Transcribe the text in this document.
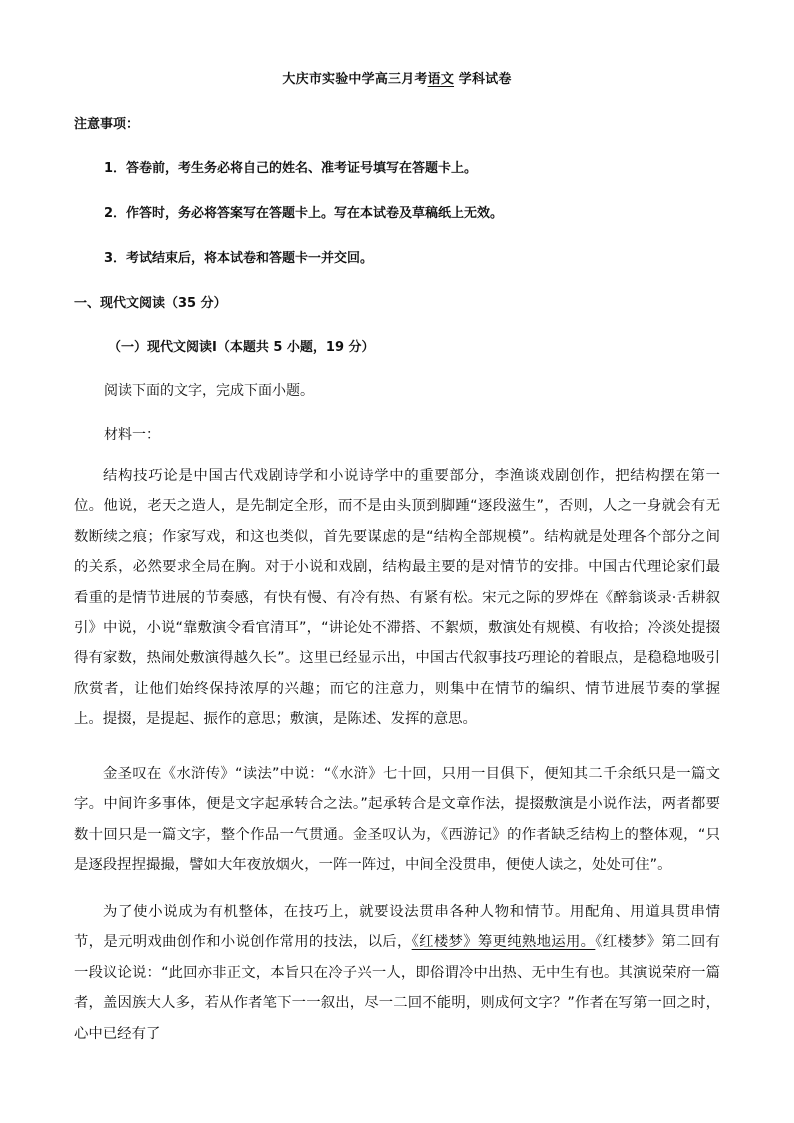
大庆市实验中学高三月考语文 学科试卷
注意事项：
1．答卷前，考生务必将自己的姓名、准考证号填写在答题卡上。
2．作答时，务必将答案写在答题卡上。写在本试卷及草稿纸上无效。
3．考试结束后，将本试卷和答题卡一并交回。
一、现代文阅读（35 分）
（一）现代文阅读Ⅰ（本题共 5 小题，19 分）
阅读下面的文字，完成下面小题。
材料一：

结构技巧论是中国古代戏剧诗学和小说诗学中的重要部分，李渔谈戏剧创作，把结构摆在第一位。他说，老天之造人，是先制定全形，而不是由头顶到脚踵“逐段滋生”，否则，人之一身就会有无数断续之痕；作家写戏，和这也类似，首先要谋虑的是“结构全部规模”。结构就是处理各个部分之间的关系，必然要求全局在胸。对于小说和戏剧，结构最主要的是对情节的安排。中国古代理论家们最看重的是情节进展的节奏感，有快有慢、有冷有热、有紧有松。宋元之际的罗烨在《醉翁谈录·舌耕叙引》中说，小说“靠敷演令看官清耳”，“讲论处不滞搭、不絮烦，敷演处有规模、有收拾；冷淡处提掇得有家数，热闹处敷演得越久长”。这里已经显示出，中国古代叙事技巧理论的着眼点，是稳稳地吸引欣赏者，让他们始终保持浓厚的兴趣；而它的注意力，则集中在情节的编织、情节进展节奏的掌握上。提掇，是提起、振作的意思；敷演，是陈述、发挥的意思。

金圣叹在《水浒传》“读法”中说：“《水浒》七十回，只用一目俱下，便知其二千余纸只是一篇文字。中间许多事体，便是文字起承转合之法。”起承转合是文章作法，提掇敷演是小说作法，两者都要数十回只是一篇文字，整个作品一气贯通。金圣叹认为，《西游记》的作者缺乏结构上的整体观，“只是逐段捏捏撮撮，譬如大年夜放烟火，一阵一阵过，中间全没贯串，便使人读之，处处可住”。

为了使小说成为有机整体，在技巧上，就要设法贯串各种人物和情节。用配角、用道具贯串情节，是元明戏曲创作和小说创作常用的技法，以后，《红楼梦》筹更纯熟地运用。《红楼梦》第二回有一段议论说：“此回亦非正文，本旨只在冷子兴一人，即俗谓冷中出热、无中生有也。其演说荣府一篇者，盖因族大人多，若从作者笔下一一叙出，尽一二回不能明，则成何文字？”作者在写第一回之时，心中已经有了
